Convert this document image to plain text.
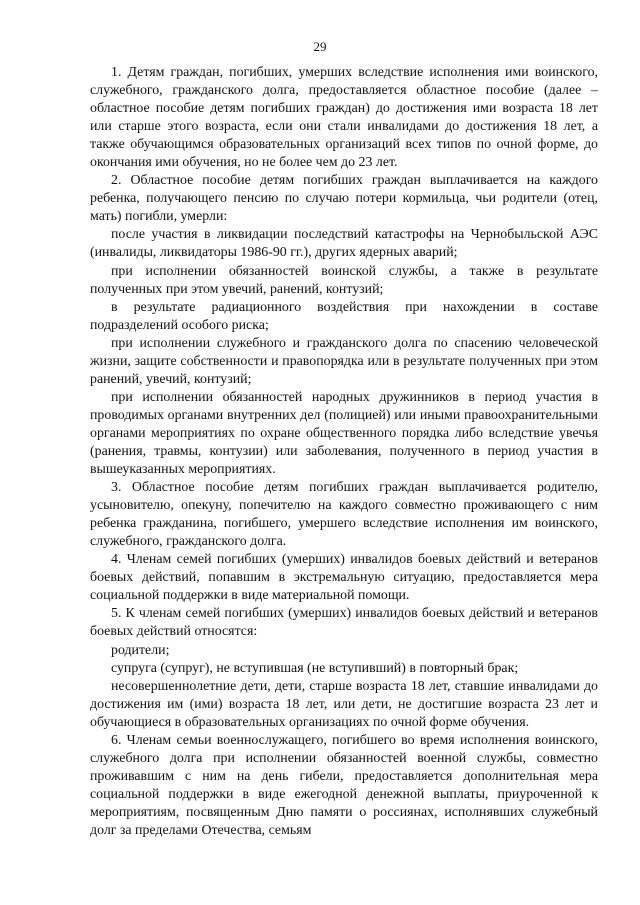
29

1. Детям граждан, погибших, умерших вследствие исполнения ими воинского, служебного, гражданского долга, предоставляется областное пособие (далее – областное пособие детям погибших граждан) до достижения ими возраста 18 лет или старше этого возраста, если они стали инвалидами до достижения 18 лет, а также обучающимся образовательных организаций всех типов по очной форме, до окончания ими обучения, но не более чем до 23 лет.

2. Областное пособие детям погибших граждан выплачивается на каждого ребенка, получающего пенсию по случаю потери кормильца, чьи родители (отец, мать) погибли, умерли:

после участия в ликвидации последствий катастрофы на Чернобыльской АЭС (инвалиды, ликвидаторы 1986-90 гг.), других ядерных аварий;

при исполнении обязанностей воинской службы, а также в результате полученных при этом увечий, ранений, контузий;

в результате радиационного воздействия при нахождении в составе подразделений особого риска;

при исполнении служебного и гражданского долга по спасению человеческой жизни, защите собственности и правопорядка или в результате полученных при этом ранений, увечий, контузий;

при исполнении обязанностей народных дружинников в период участия в проводимых органами внутренних дел (полицией) или иными правоохранительными органами мероприятиях по охране общественного порядка либо вследствие увечья (ранения, травмы, контузии) или заболевания, полученного в период участия в вышеуказанных мероприятиях.

3. Областное пособие детям погибших граждан выплачивается родителю, усыновителю, опекуну, попечителю на каждого совместно проживающего с ним ребенка гражданина, погибшего, умершего вследствие исполнения им воинского, служебного, гражданского долга.

4. Членам семей погибших (умерших) инвалидов боевых действий и ветеранов боевых действий, попавшим в экстремальную ситуацию, предоставляется мера социальной поддержки в виде материальной помощи.

5. К членам семей погибших (умерших) инвалидов боевых действий и ветеранов боевых действий относятся:

родители;

супруга (супруг), не вступившая (не вступивший) в повторный брак;

несовершеннолетние дети, дети, старше возраста 18 лет, ставшие инвалидами до достижения им (ими) возраста 18 лет, или дети, не достигшие возраста 23 лет и обучающиеся в образовательных организациях по очной форме обучения.

6. Членам семьи военнослужащего, погибшего во время исполнения воинского, служебного долга при исполнении обязанностей военной службы, совместно проживавшим с ним на день гибели, предоставляется дополнительная мера социальной поддержки в виде ежегодной денежной выплаты, приуроченной к мероприятиям, посвященным Дню памяти о россиянах, исполнявших служебный долг за пределами Отечества, семьям
